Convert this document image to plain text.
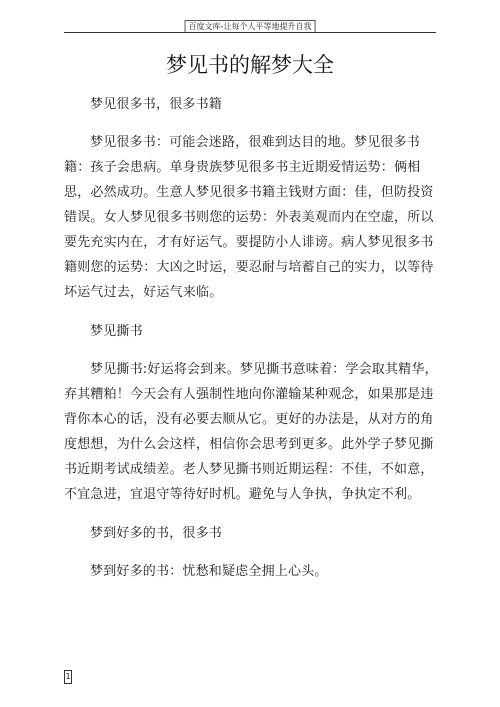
百度文库-让每个人平等地提升自我
梦见书的解梦大全

梦见很多书，很多书籍

梦见很多书：可能会迷路，很难到达目的地。梦见很多书籍：孩子会患病。单身贵族梦见很多书主近期爱情运势：俩相思，必然成功。生意人梦见很多书籍主钱财方面：佳，但防投资错误。女人梦见很多书则您的运势：外表美观而内在空虚，所以要先充实内在，才有好运气。要提防小人诽谤。病人梦见很多书籍则您的运势：大凶之时运，要忍耐与培蓄自己的实力，以等待坏运气过去，好运气来临。

梦见撕书

梦见撕书:好运将会到来。梦见撕书意味着：学会取其精华，弃其糟粕！今天会有人强制性地向你灌输某种观念，如果那是违背你本心的话，没有必要去顺从它。更好的办法是，从对方的角度想想，为什么会这样，相信你会思考到更多。此外学子梦见撕书近期考试成绩差。老人梦见撕书则近期运程：不佳，不如意，不宜急进，宜退守等待好时机。避免与人争执，争执定不利。

梦到好多的书，很多书

梦到好多的书：忧愁和疑虑全拥上心头。

1
